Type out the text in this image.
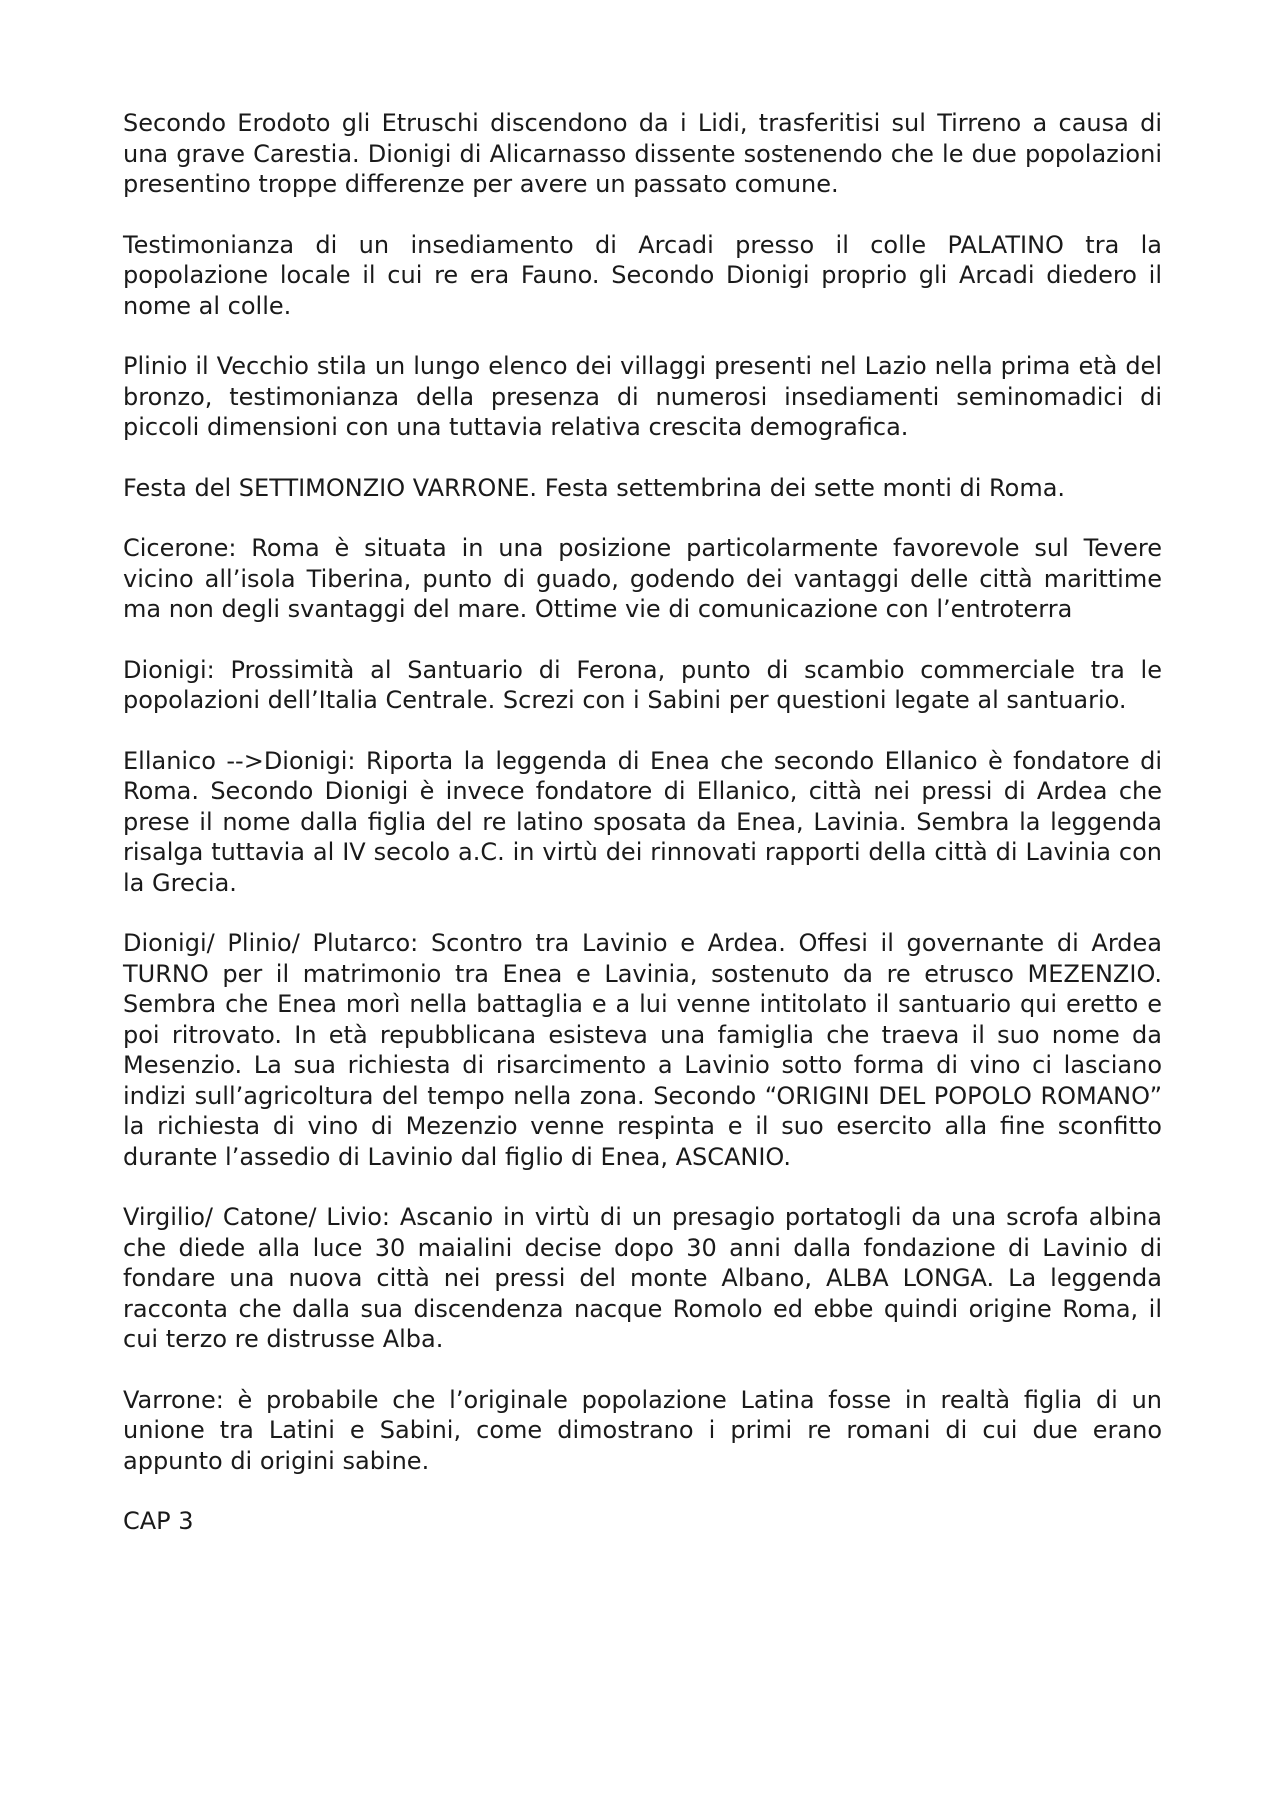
Secondo Erodoto gli Etruschi discendono da i Lidi, trasferitisi sul Tirreno a causa di una grave Carestia. Dionigi di Alicarnasso dissente sostenendo che le due popolazioni presentino troppe differenze per avere un passato comune.

Testimonianza di un insediamento di Arcadi presso il colle PALATINO tra la popolazione locale il cui re era Fauno. Secondo Dionigi proprio gli Arcadi diedero il nome al colle.

Plinio il Vecchio stila un lungo elenco dei villaggi presenti nel Lazio nella prima età del bronzo, testimonianza della presenza di numerosi insediamenti seminomadici di piccoli dimensioni con una tuttavia relativa crescita demografica.

Festa del SETTIMONZIO VARRONE. Festa settembrina dei sette monti di Roma.

Cicerone: Roma è situata in una posizione particolarmente favorevole sul Tevere vicino all’isola Tiberina, punto di guado, godendo dei vantaggi delle città marittime ma non degli svantaggi del mare. Ottime vie di comunicazione con l’entroterra

Dionigi: Prossimità al Santuario di Ferona, punto di scambio commerciale tra le popolazioni dell’Italia Centrale. Screzi con i Sabini per questioni legate al santuario.

Ellanico -->Dionigi: Riporta la leggenda di Enea che secondo Ellanico è fondatore di Roma. Secondo Dionigi è invece fondatore di Ellanico, città nei pressi di Ardea che prese il nome dalla figlia del re latino sposata da Enea, Lavinia. Sembra la leggenda risalga tuttavia al IV secolo a.C. in virtù dei rinnovati rapporti della città di Lavinia con la Grecia.

Dionigi/ Plinio/ Plutarco: Scontro tra Lavinio e Ardea. Offesi il governante di Ardea TURNO per il matrimonio tra Enea e Lavinia, sostenuto da re etrusco MEZENZIO. Sembra che Enea morì nella battaglia e a lui venne intitolato il santuario qui eretto e poi ritrovato. In età repubblicana esisteva una famiglia che traeva il suo nome da Mesenzio. La sua richiesta di risarcimento a Lavinio sotto forma di vino ci lasciano indizi sull’agricoltura del tempo nella zona. Secondo “ORIGINI DEL POPOLO ROMANO” la richiesta di vino di Mezenzio venne respinta e il suo esercito alla fine sconfitto durante l’assedio di Lavinio dal figlio di Enea, ASCANIO.

Virgilio/ Catone/ Livio: Ascanio in virtù di un presagio portatogli da una scrofa albina che diede alla luce 30 maialini decise dopo 30 anni dalla fondazione di Lavinio di fondare una nuova città nei pressi del monte Albano, ALBA LONGA. La leggenda racconta che dalla sua discendenza nacque Romolo ed ebbe quindi origine Roma, il cui terzo re distrusse Alba.

Varrone: è probabile che l’originale popolazione Latina fosse in realtà figlia di un unione tra Latini e Sabini, come dimostrano i primi re romani di cui due erano appunto di origini sabine.

CAP 3
